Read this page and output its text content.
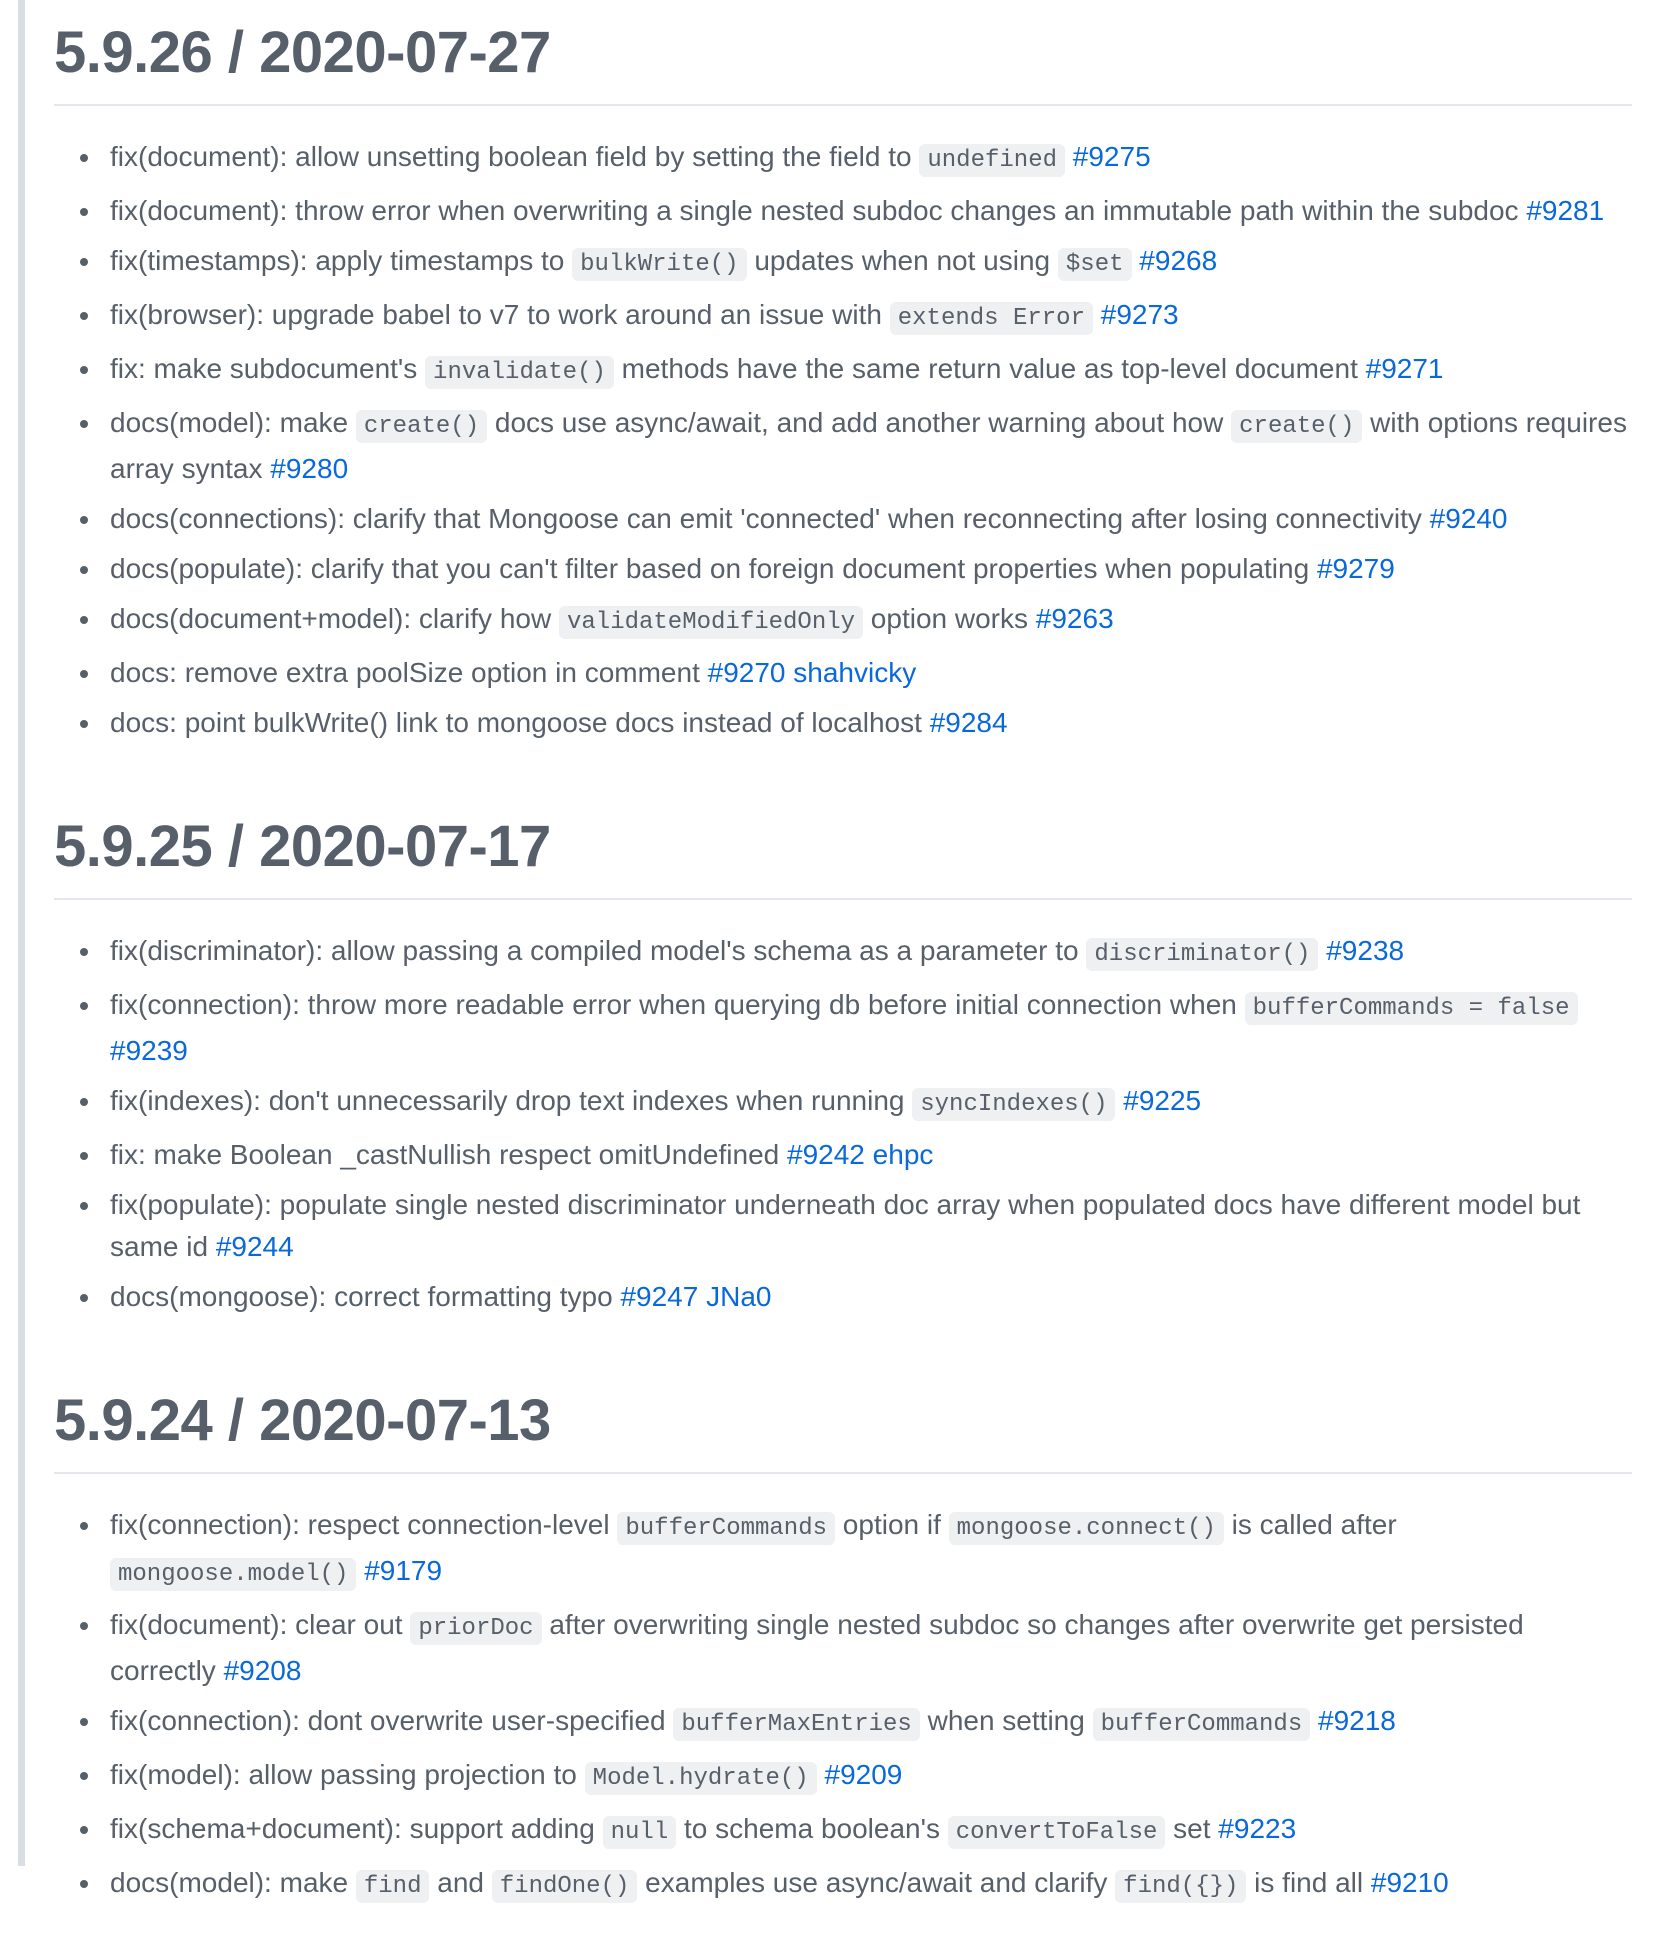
5.9.26 / 2020-07-27
fix(document): allow unsetting boolean field by setting the field to undefined #9275
fix(document): throw error when overwriting a single nested subdoc changes an immutable path within the subdoc #9281
fix(timestamps): apply timestamps to bulkWrite() updates when not using $set #9268
fix(browser): upgrade babel to v7 to work around an issue with extends Error #9273
fix: make subdocument's invalidate() methods have the same return value as top-level document #9271
docs(model): make create() docs use async/await, and add another warning about how create() with options requires array syntax #9280
docs(connections): clarify that Mongoose can emit 'connected' when reconnecting after losing connectivity #9240
docs(populate): clarify that you can't filter based on foreign document properties when populating #9279
docs(document+model): clarify how validateModifiedOnly option works #9263
docs: remove extra poolSize option in comment #9270 shahvicky
docs: point bulkWrite() link to mongoose docs instead of localhost #9284
5.9.25 / 2020-07-17
fix(discriminator): allow passing a compiled model's schema as a parameter to discriminator() #9238
fix(connection): throw more readable error when querying db before initial connection when bufferCommands = false #9239
fix(indexes): don't unnecessarily drop text indexes when running syncIndexes() #9225
fix: make Boolean _castNullish respect omitUndefined #9242 ehpc
fix(populate): populate single nested discriminator underneath doc array when populated docs have different model but same id #9244
docs(mongoose): correct formatting typo #9247 JNa0
5.9.24 / 2020-07-13
fix(connection): respect connection-level bufferCommands option if mongoose.connect() is called after mongoose.model() #9179
fix(document): clear out priorDoc after overwriting single nested subdoc so changes after overwrite get persisted correctly #9208
fix(connection): dont overwrite user-specified bufferMaxEntries when setting bufferCommands #9218
fix(model): allow passing projection to Model.hydrate() #9209
fix(schema+document): support adding null to schema boolean's convertToFalse set #9223
docs(model): make find and findOne() examples use async/await and clarify find({}) is find all #9210
